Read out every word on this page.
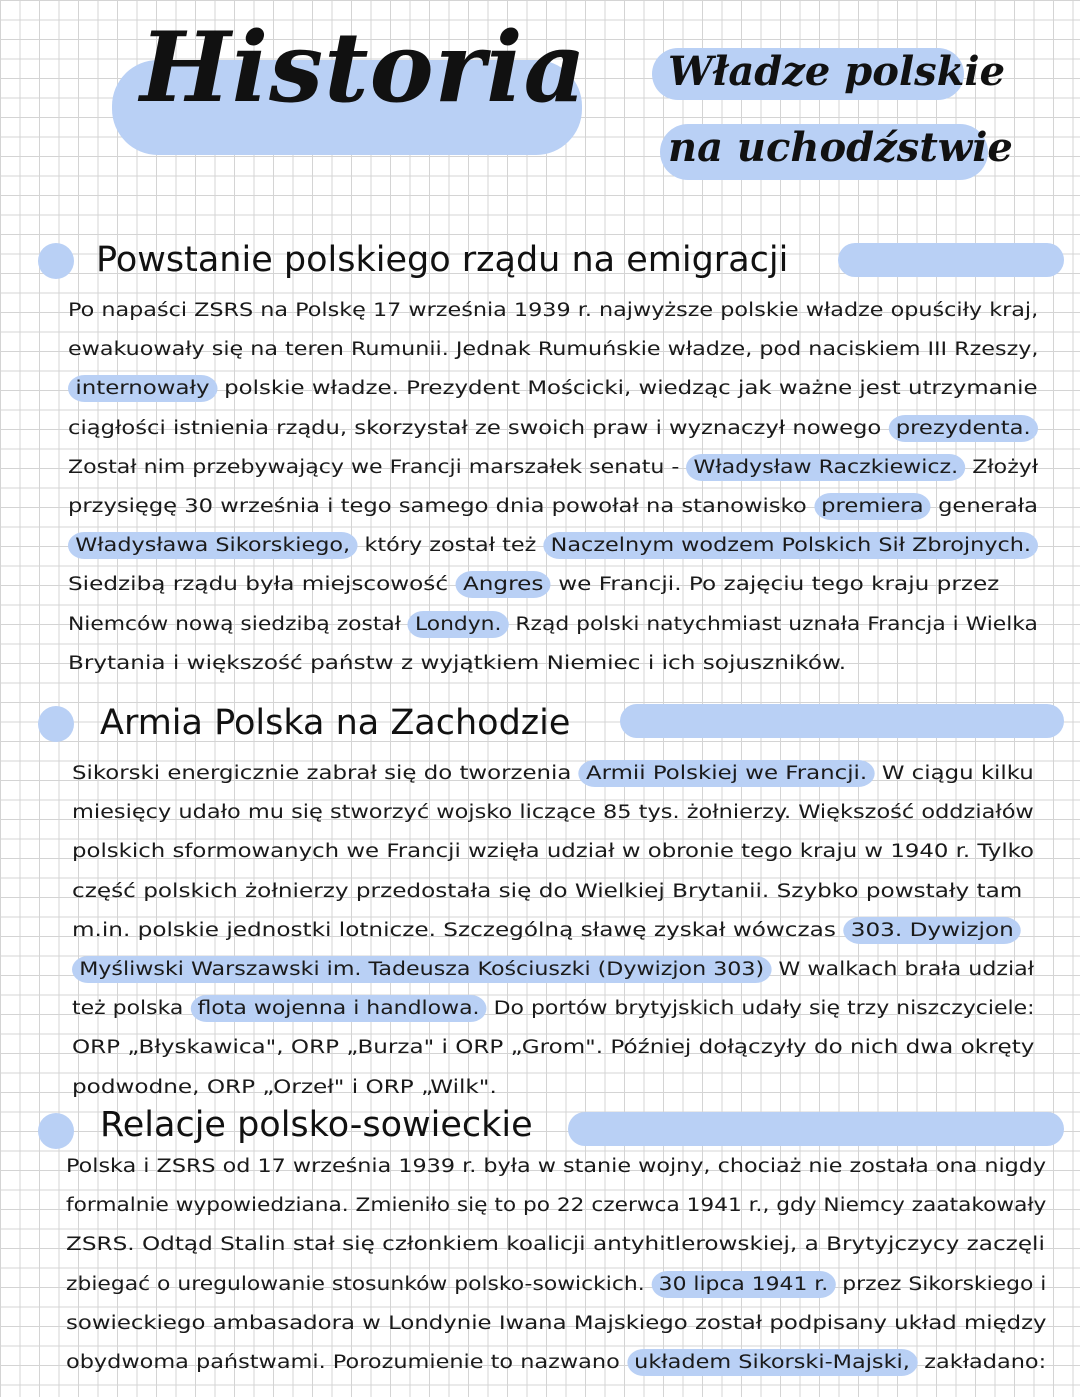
Historia Władze polskie
na uchodźstwie
Powstanie polskiego rządu na emigracji
Po napaści ZSRS na Polskę 17 września 1939 r. najwyższe polskie władze opuściły kraj,
ewakuowały się na teren Rumunii. Jednak Rumuńskie władze, pod naciskiem III Rzeszy,
internowały polskie władze. Prezydent Mościcki, wiedząc jak ważne jest utrzymanie
ciągłości istnienia rządu, skorzystał ze swoich praw i wyznaczył nowego prezydenta.
Został nim przebywający we Francji marszałek senatu - Władysław Raczkiewicz. Złożył
przysięgę 30 września i tego samego dnia powołał na stanowisko premiera generała
Władysława Sikorskiego, który został też Naczelnym wodzem Polskich Sił Zbrojnych.
Siedzibą rządu była miejscowość Angres we Francji. Po zajęciu tego kraju przez
Niemców nową siedzibą został Londyn. Rząd polski natychmiast uznała Francja i Wielka
Brytania i większość państw z wyjątkiem Niemiec i ich sojuszników.
Armia Polska na Zachodzie
Sikorski energicznie zabrał się do tworzenia Armii Polskiej we Francji. W ciągu kilku
miesięcy udało mu się stworzyć wojsko liczące 85 tys. żołnierzy. Większość oddziałów
polskich sformowanych we Francji wzięła udział w obronie tego kraju w 1940 r. Tylko
część polskich żołnierzy przedostała się do Wielkiej Brytanii. Szybko powstały tam
m.in. polskie jednostki lotnicze. Szczególną sławę zyskał wówczas 303. Dywizjon
Myśliwski Warszawski im. Tadeusza Kościuszki (Dywizjon 303) W walkach brała udział
też polska flota wojenna i handlowa. Do portów brytyjskich udały się trzy niszczyciele:
ORP „Błyskawica", ORP „Burza" i ORP „Grom". Później dołączyły do nich dwa okręty
podwodne, ORP „Orzeł" i ORP „Wilk".
Relacje polsko-sowieckie
Polska i ZSRS od 17 września 1939 r. była w stanie wojny, chociaż nie została ona nigdy
formalnie wypowiedziana. Zmieniło się to po 22 czerwca 1941 r., gdy Niemcy zaatakowały
ZSRS. Odtąd Stalin stał się członkiem koalicji antyhitlerowskiej, a Brytyjczycy zaczęli
zbiegać o uregulowanie stosunków polsko-sowickich. 30 lipca 1941 r. przez Sikorskiego i
sowieckiego ambasadora w Londynie Iwana Majskiego został podpisany układ między
obydwoma państwami. Porozumienie to nazwano układem Sikorski-Majski, zakładano:
